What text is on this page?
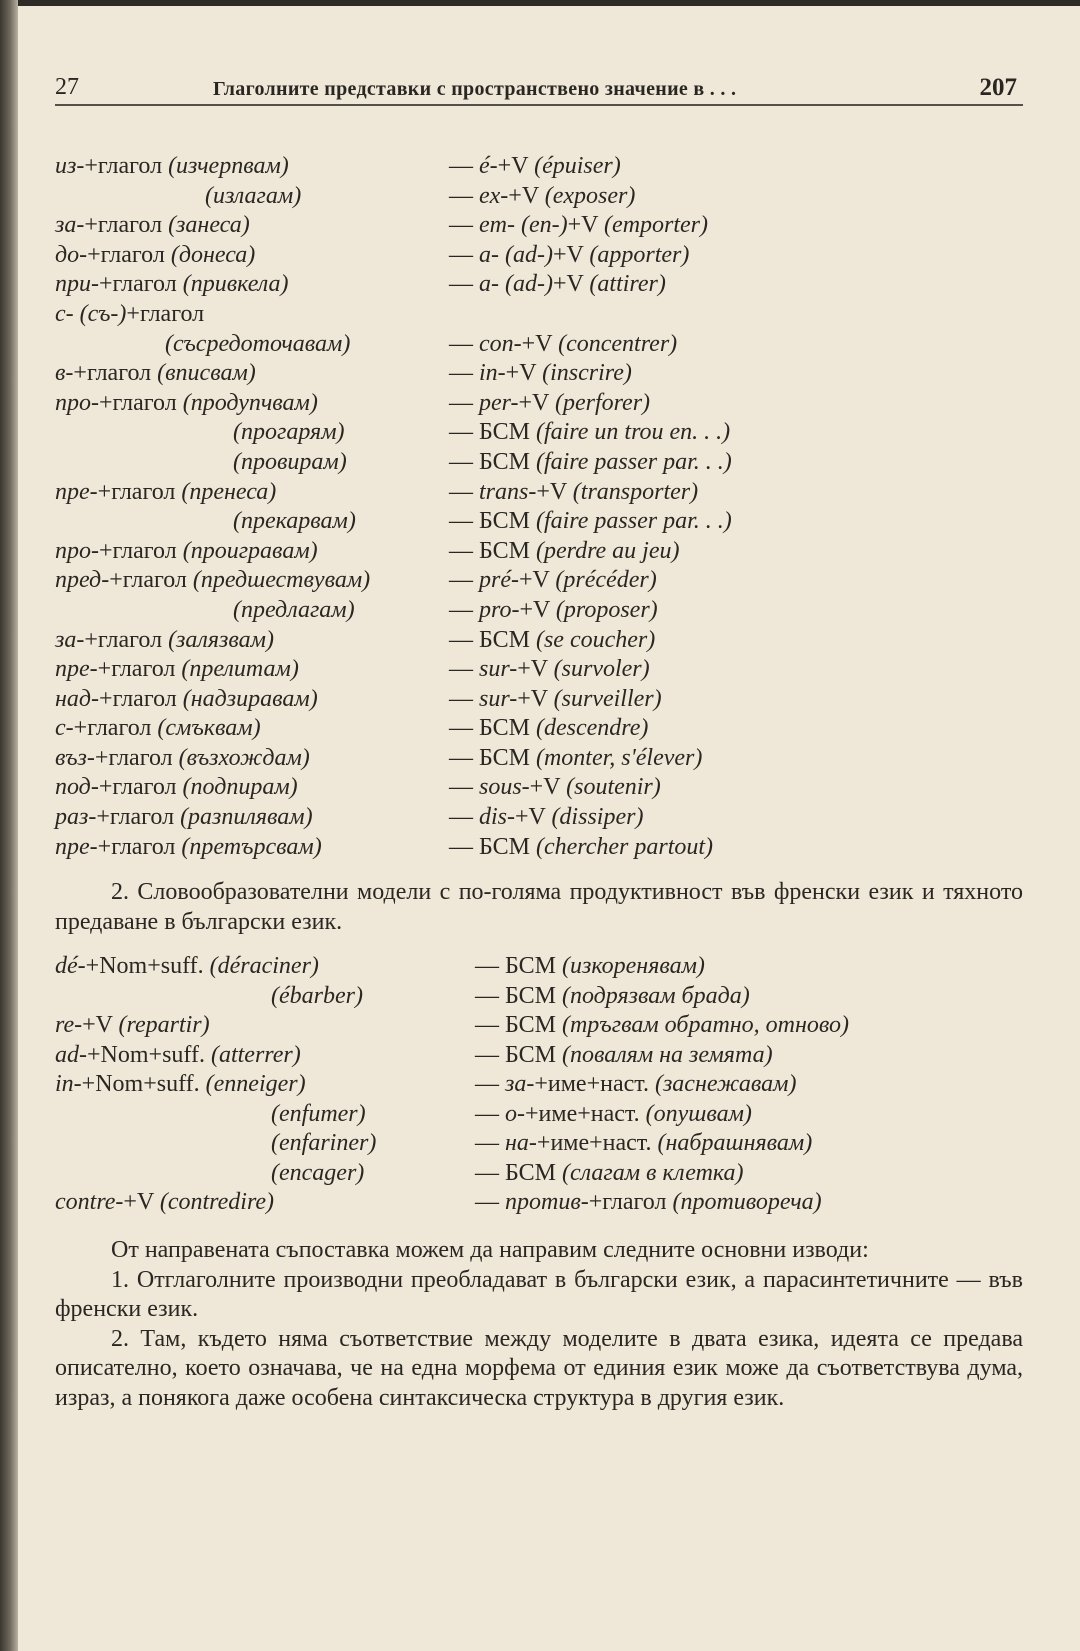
27	Глаголните представки с пространствено значение в . . .	207
из-+глагол (изчерпвам)	— é-+V (épuiser)
(излагам)	— ex-+V (exposer)
за-+глагол (занеса)	— em- (en-)+V (emporter)
до-+глагол (донеса)	— a- (ad-)+V (apporter)
при-+глагол (привкела)	— a- (ad-)+V (attirer)
с- (съ-)+глагол
(съсредоточавам)	— con-+V (concentrer)
в-+глагол (вписвам)	— in-+V (inscrire)
про-+глагол (продупчвам)	— per-+V (perforer)
(прогарям)	— БСМ (faire un trou en. . .)
(провирам)	— БСМ (faire passer par. . .)
пре-+глагол (пренеса)	— trans-+V (transporter)
(прекарвам)	— БСМ (faire passer par. . .)
про-+глагол (проигравам)	— БСМ (perdre au jeu)
пред-+глагол (предшествувам)	— pré-+V (précéder)
(предлагам)	— pro-+V (proposer)
за-+глагол (залязвам)	— БСМ (se coucher)
пре-+глагол (прелитам)	— sur-+V (survoler)
над-+глагол (надзиравам)	— sur-+V (surveiller)
с-+глагол (смъквам)	— БСМ (descendre)
въз-+глагол (възхождам)	— БСМ (monter, s'élever)
под-+глагол (подпирам)	— sous-+V (soutenir)
раз-+глагол (разпилявам)	— dis-+V (dissiper)
пре-+глагол (претърсвам)	— БСМ (chercher partout)

2. Словообразователни модели с по-голяма продуктивност във френски език и тяхното предаване в български език.

dé-+Nom+suff. (déraciner)	— БСМ (изкоренявам)
(ébarber)	— БСМ (подрязвам брада)
re-+V (repartir)	— БСМ (тръгвам обратно, отново)
ad-+Nom+suff. (atterrer)	— БСМ (повалям на земята)
in-+Nom+suff. (enneiger)	— за-+име+наст. (заснежавам)
(enfumer)	— о-+име+наст. (опушвам)
(enfariner)	— на-+име+наст. (набрашнявам)
(encager)	— БСМ (слагам в клетка)
contre-+V (contredire)	— против-+глагол (противореча)

От направената съпоставка можем да направим следните основни изводи:

1. Отглаголните производни преобладават в български език, а парасинтетичните — във френски език.

2. Там, където няма съответствие между моделите в двата езика, идеята се предава описателно, което означава, че на една морфема от единия език може да съответствува дума, израз, а понякога даже особена синтаксическа структура в другия език.
